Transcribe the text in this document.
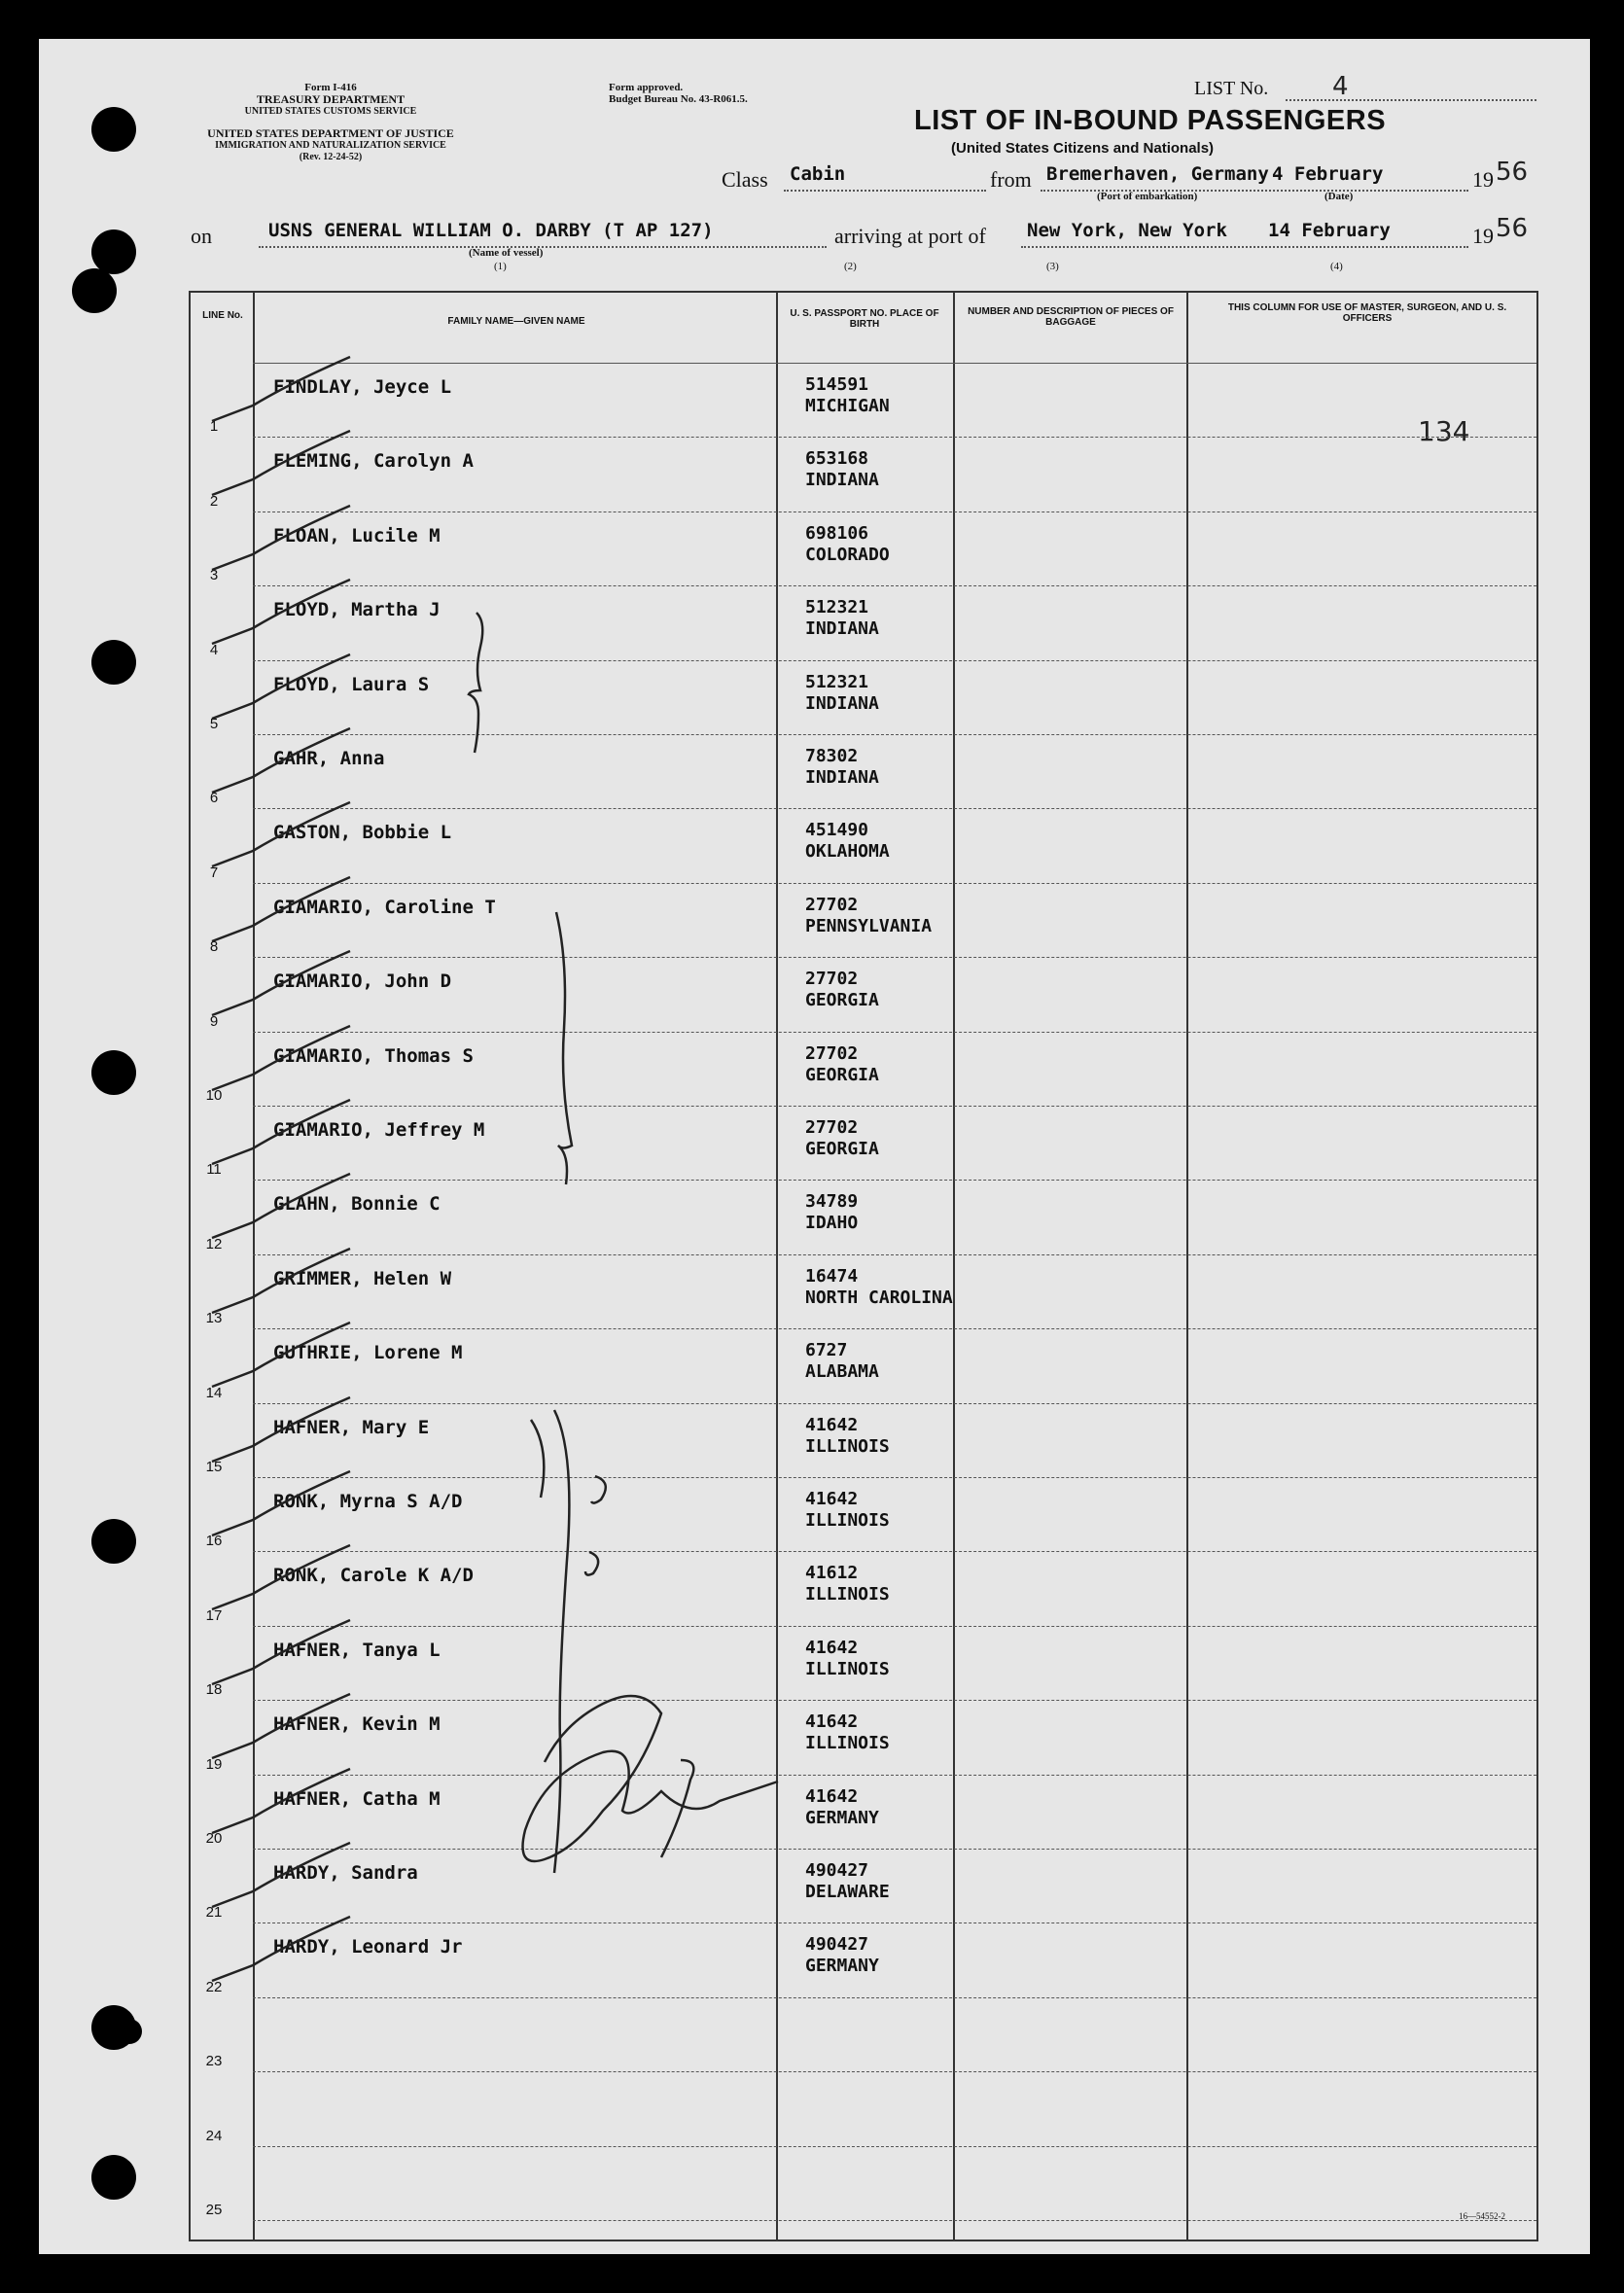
Form I-416
TREASURY DEPARTMENT
UNITED STATES CUSTOMS SERVICE
UNITED STATES DEPARTMENT OF JUSTICE
IMMIGRATION AND NATURALIZATION SERVICE
(Rev. 12-24-52)
Form approved.
Budget Bureau No. 43-R061.5.	LIST No.	4
LIST OF IN-BOUND PASSENGERS
(United States Citizens and Nationals)
Class Cabin	from Bremerhaven, Germany 4 February	19 56
(Port of embarkation)	(Date)
on	USNS GENERAL WILLIAM O. DARBY (T AP 127)	arriving at port of New York, New York 14 February	19 56
(Name of vessel)
(1)	(2)	(3)	(4)
LINE No.
FAMILY NAME—GIVEN NAME
U. S. PASSPORT NO. PLACE OF BIRTH
NUMBER AND DESCRIPTION OF PIECES OF BAGGAGE
THIS COLUMN FOR USE OF MASTER, SURGEON, AND U. S. OFFICERS
134
1
FINDLAY, Jeyce L	514591
MICHIGAN
2
FLEMING, Carolyn A	653168
INDIANA
3
FLOAN, Lucile M	698106
COLORADO
4
FLOYD, Martha J	512321
INDIANA
5
FLOYD, Laura S	512321
INDIANA
6
GAHR, Anna	78302
INDIANA
7
GASTON, Bobbie L	451490
OKLAHOMA
8
GIAMARIO, Caroline T	27702
PENNSYLVANIA
9
GIAMARIO, John D	27702
GEORGIA
10
GIAMARIO, Thomas S	27702
GEORGIA
11
GIAMARIO, Jeffrey M	27702
GEORGIA
12
GLAHN, Bonnie C	34789
IDAHO
13
GRIMMER, Helen W	16474
NORTH CAROLINA
14
GUTHRIE, Lorene M	6727
ALABAMA
15
HAFNER, Mary E	41642
ILLINOIS
16
RONK, Myrna S A/D	41642
ILLINOIS
17
RONK, Carole K A/D	41612
ILLINOIS
18
HAFNER, Tanya L	41642
ILLINOIS
19
HAFNER, Kevin M	41642
ILLINOIS
20
HAFNER, Catha M	41642
GERMANY
21
HARDY, Sandra	490427
DELAWARE
22
HARDY, Leonard Jr	490427
GERMANY
23
24
25	16—54552-2
